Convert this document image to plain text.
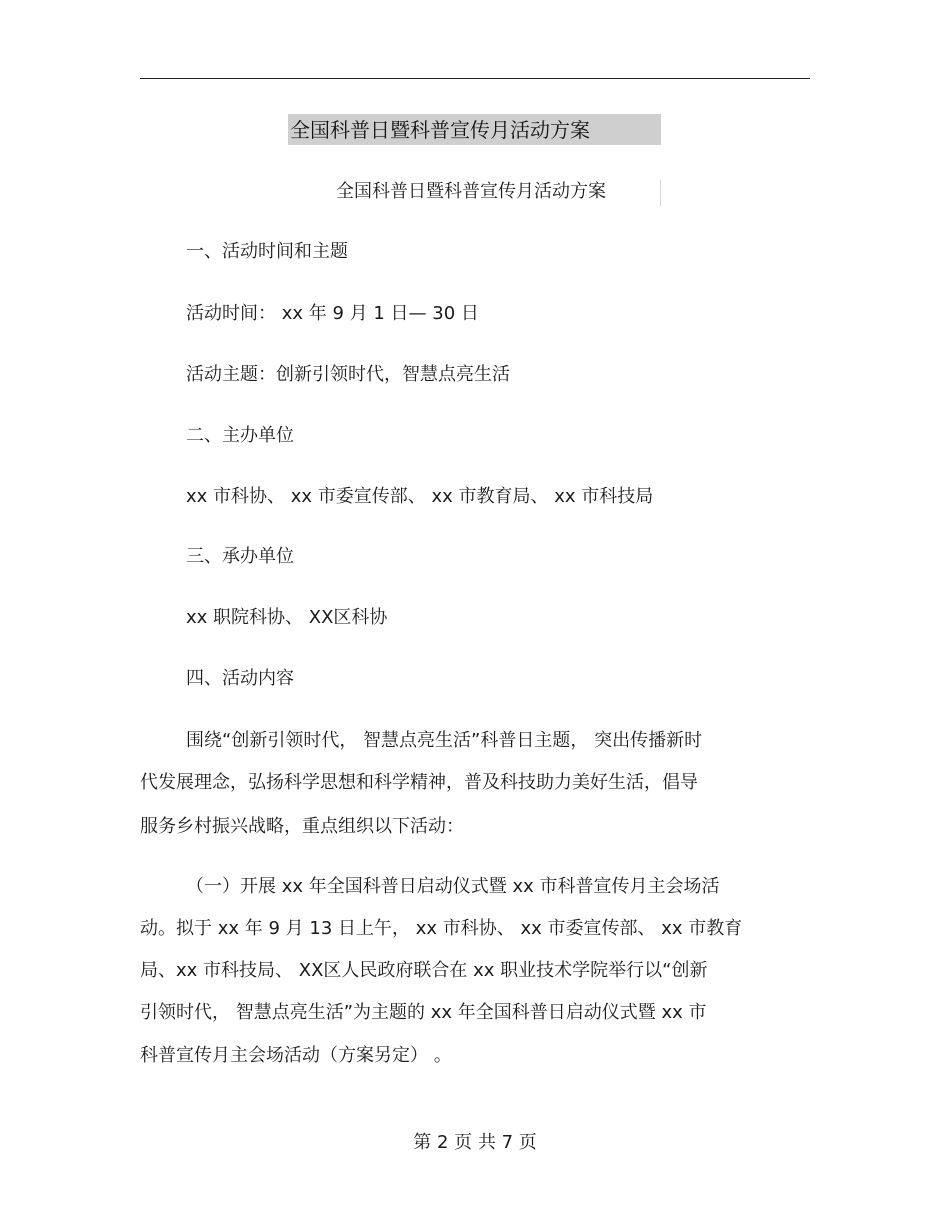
全国科普日暨科普宣传月活动方案
全国科普日暨科普宣传月活动方案
一、活动时间和主题
活动时间： xx 年 9 月 1 日— 30 日
活动主题：创新引领时代，智慧点亮生活
二、主办单位
xx 市科协、 xx 市委宣传部、 xx 市教育局、 xx 市科技局
三、承办单位
xx 职院科协、 XX区科协
四、活动内容
围绕“创新引领时代， 智慧点亮生活”科普日主题， 突出传播新时
代发展理念，弘扬科学思想和科学精神，普及科技助力美好生活，倡导
服务乡村振兴战略，重点组织以下活动：
（一）开展 xx 年全国科普日启动仪式暨 xx 市科普宣传月主会场活
动。拟于 xx 年 9 月 13 日上午， xx 市科协、 xx 市委宣传部、 xx 市教育
局、xx 市科技局、 XX区人民政府联合在 xx 职业技术学院举行以“创新
引领时代， 智慧点亮生活”为主题的 xx 年全国科普日启动仪式暨 xx 市
科普宣传月主会场活动（方案另定） 。
第 2 页 共 7 页
